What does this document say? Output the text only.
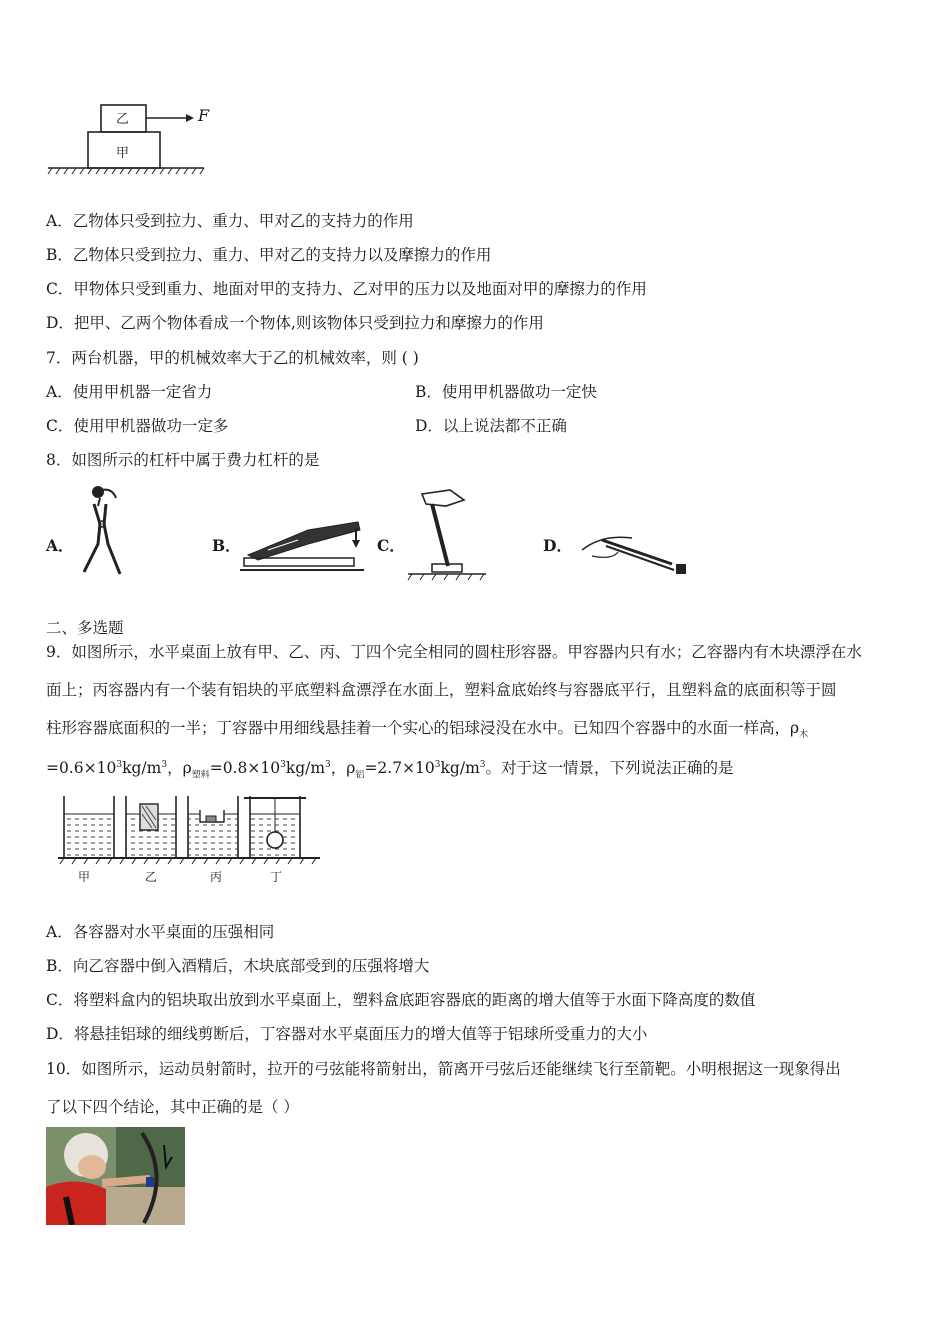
乙
甲
F
A．乙物体只受到拉力、重力、甲对乙的支持力的作用
B．乙物体只受到拉力、重力、甲对乙的支持力以及摩擦力的作用
C．甲物体只受到重力、地面对甲的支持力、乙对甲的压力以及地面对甲的摩擦力的作用
D．把甲、乙两个物体看成一个物体,则该物体只受到拉力和摩擦力的作用
7．两台机器，甲的机械效率大于乙的机械效率，则 ( )
A．使用甲机器一定省力	B．使用甲机器做功一定快
C．使用甲机器做功一定多	D．以上说法都不正确
8．如图所示的杠杆中属于费力杠杆的是
A．	B．	C．	D．
二、多选题
9．如图所示，水平桌面上放有甲、乙、丙、丁四个完全相同的圆柱形容器。甲容器内只有水；乙容器内有木块漂浮在水
面上；丙容器内有一个装有铝块的平底塑料盒漂浮在水面上，塑料盒底始终与容器底平行，且塑料盒的底面积等于圆
柱形容器底面积的一半；丁容器中用细线悬挂着一个实心的铝球浸没在水中。已知四个容器中的水面一样高，$\rho_木$
$=0.6\times 10^3kg/m^3$，$\rho_{塑料}=0.8\times 10^3kg/m^3$，$\rho_铝=2.7\times 10^3kg/m^3$。对于这一情景，下列说法正确的是
甲	乙	丙	丁
A．各容器对水平桌面的压强相同
B．向乙容器中倒入酒精后，木块底部受到的压强将增大
C．将塑料盒内的铝块取出放到水平桌面上，塑料盒底距容器底的距离的增大值等于水面下降高度的数值
D．将悬挂铝球的细线剪断后，丁容器对水平桌面压力的增大值等于铝球所受重力的大小
10．如图所示，运动员射箭时，拉开的弓弦能将箭射出，箭离开弓弦后还能继续飞行至箭靶。小明根据这一现象得出
了以下四个结论，其中正确的是（ ）
